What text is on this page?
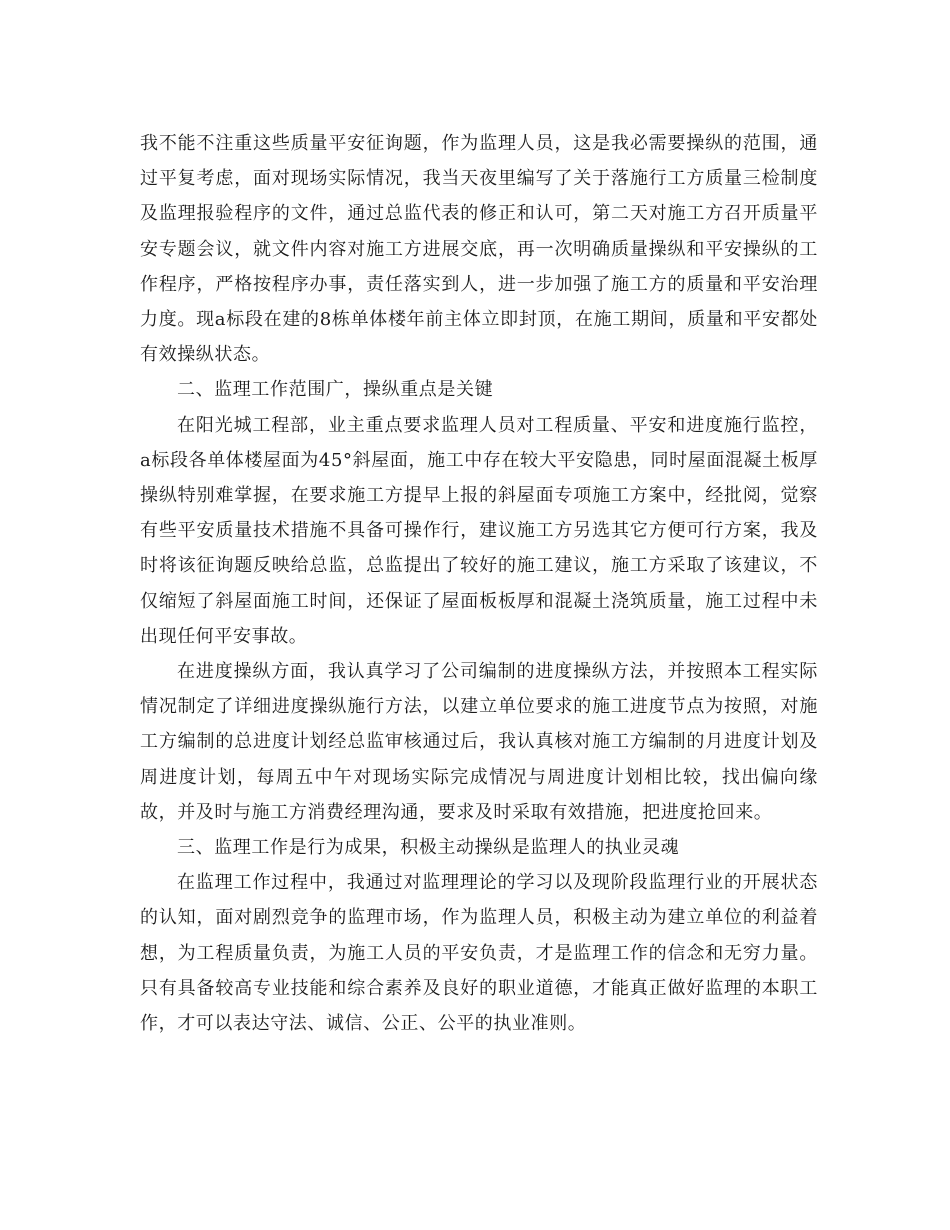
我不能不注重这些质量平安征询题，作为监理人员，这是我必需要操纵的范围，通过平复考虑，面对现场实际情况，我当天夜里编写了关于落施行工方质量三检制度及监理报验程序的文件，通过总监代表的修正和认可，第二天对施工方召开质量平安专题会议，就文件内容对施工方进展交底，再一次明确质量操纵和平安操纵的工作程序，严格按程序办事，责任落实到人，进一步加强了施工方的质量和平安治理力度。现a标段在建的8栋单体楼年前主体立即封顶，在施工期间，质量和平安都处有效操纵状态。

二、监理工作范围广，操纵重点是关键

在阳光城工程部，业主重点要求监理人员对工程质量、平安和进度施行监控，a标段各单体楼屋面为45°斜屋面，施工中存在较大平安隐患，同时屋面混凝土板厚操纵特别难掌握，在要求施工方提早上报的斜屋面专项施工方案中，经批阅，觉察有些平安质量技术措施不具备可操作行，建议施工方另选其它方便可行方案，我及时将该征询题反映给总监，总监提出了较好的施工建议，施工方采取了该建议，不仅缩短了斜屋面施工时间，还保证了屋面板板厚和混凝土浇筑质量，施工过程中未出现任何平安事故。

在进度操纵方面，我认真学习了公司编制的进度操纵方法，并按照本工程实际情况制定了详细进度操纵施行方法，以建立单位要求的施工进度节点为按照，对施工方编制的总进度计划经总监审核通过后，我认真核对施工方编制的月进度计划及周进度计划，每周五中午对现场实际完成情况与周进度计划相比较，找出偏向缘故，并及时与施工方消费经理沟通，要求及时采取有效措施，把进度抢回来。

三、监理工作是行为成果，积极主动操纵是监理人的执业灵魂

在监理工作过程中，我通过对监理理论的学习以及现阶段监理行业的开展状态的认知，面对剧烈竞争的监理市场，作为监理人员，积极主动为建立单位的利益着想，为工程质量负责，为施工人员的平安负责，才是监理工作的信念和无穷力量。只有具备较高专业技能和综合素养及良好的职业道德，才能真正做好监理的本职工作，才可以表达守法、诚信、公正、公平的执业准则。
